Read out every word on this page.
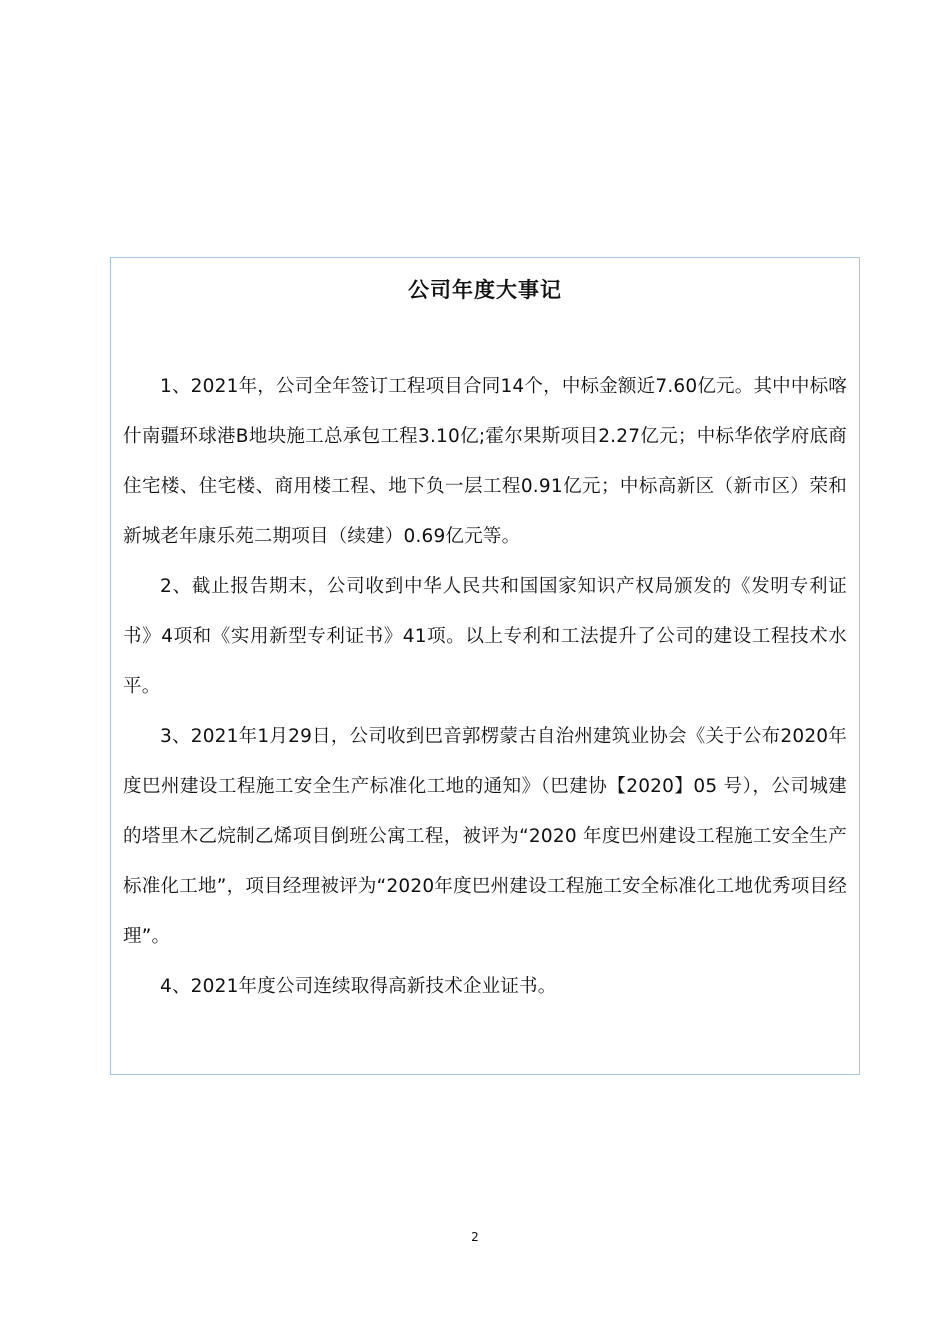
公司年度大事记

1、2021年，公司全年签订工程项目合同14个，中标金额近7.60亿元。其中中标喀什南疆环球港B地块施工总承包工程3.10亿;霍尔果斯项目2.27亿元；中标华依学府底商住宅楼、住宅楼、商用楼工程、地下负一层工程0.91亿元；中标高新区（新市区）荣和新城老年康乐苑二期项目（续建）0.69亿元等。

2、截止报告期末，公司收到中华人民共和国国家知识产权局颁发的《发明专利证书》4项和《实用新型专利证书》41项。以上专利和工法提升了公司的建设工程技术水平。

3、2021年1月29日，公司收到巴音郭楞蒙古自治州建筑业协会《关于公布2020年度巴州建设工程施工安全生产标准化工地的通知》（巴建协【2020】05 号），公司城建的塔里木乙烷制乙烯项目倒班公寓工程，被评为“2020 年度巴州建设工程施工安全生产标准化工地”，项目经理被评为“2020年度巴州建设工程施工安全标准化工地优秀项目经理”。

4、2021年度公司连续取得高新技术企业证书。

2
